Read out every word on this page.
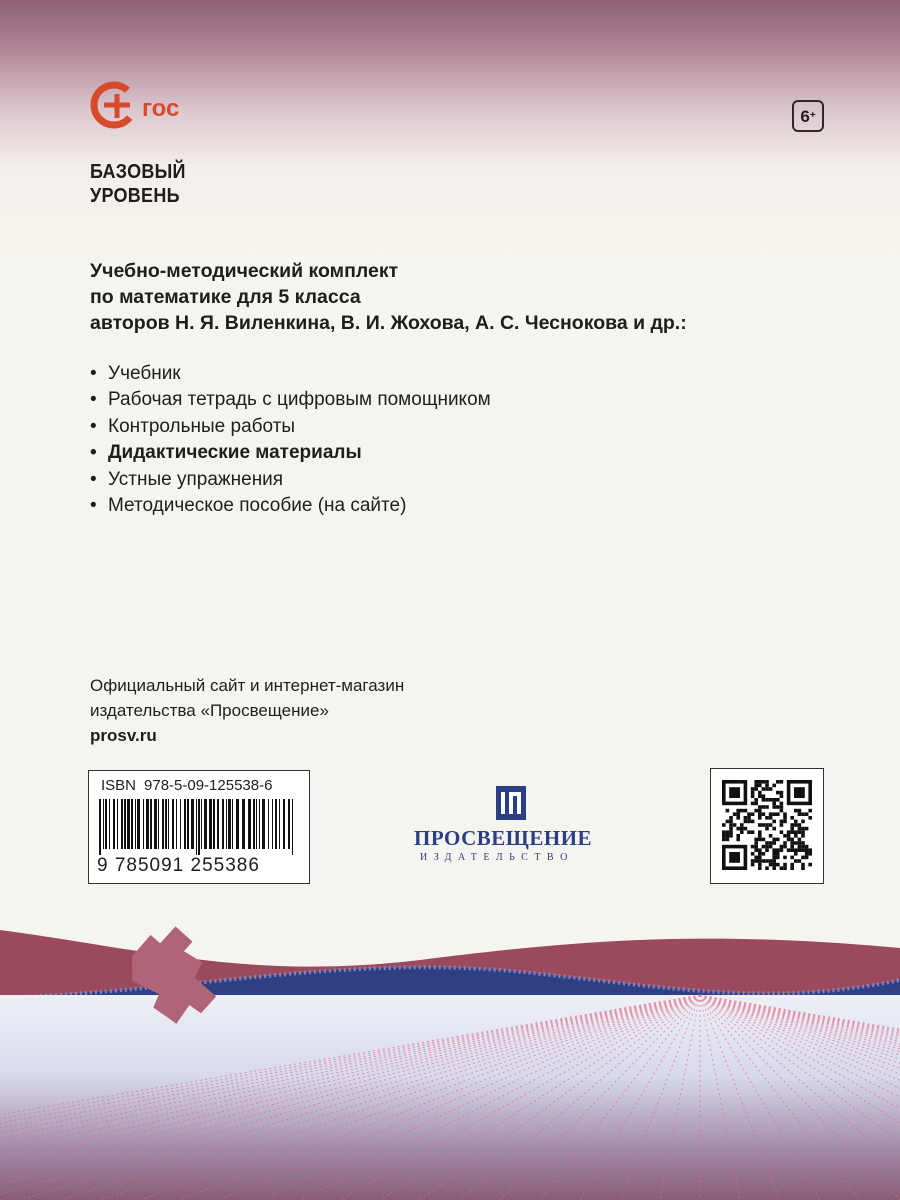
гос	6 +
БАЗОВЫЙ
УРОВЕНЬ
Учебно-методический комплект
по математике для 5 класса
авторов Н. Я. Виленкина, В. И. Жохова, А. С. Чеснокова и др.:
• Учебник
• Рабочая тетрадь с цифровым помощником
• Контрольные работы
• Дидактические материалы
• Устные упражнения
• Методическое пособие (на сайте)
Официальный сайт и интернет-магазин
издательства «Просвещение»
prosv.ru
ISBN 978-5-09-125538-6
9 785091 255386
ПРОСВЕЩЕНИЕ
ИЗДАТЕЛЬСТВО
